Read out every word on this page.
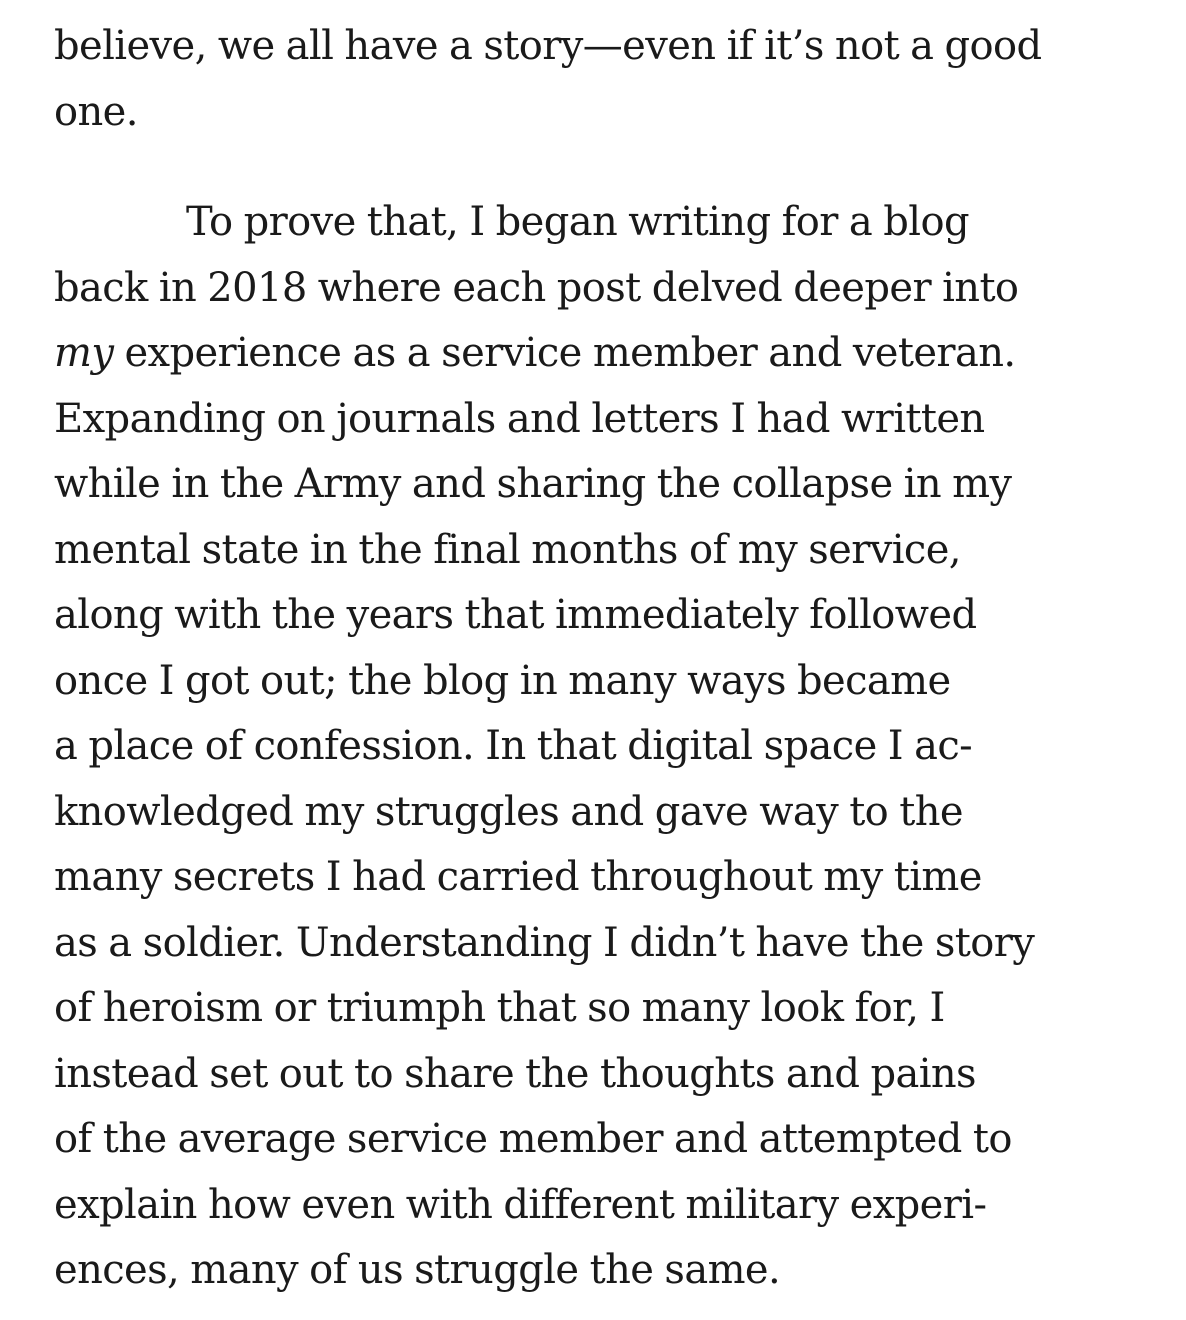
believe, we all have a story—even if it’s not a good
one.
To prove that, I began writing for a blog
back in 2018 where each post delved deeper into
my experience as a service member and veteran.
Expanding on journals and letters I had written
while in the Army and sharing the collapse in my
mental state in the final months of my service,
along with the years that immediately followed
once I got out; the blog in many ways became
a place of confession. In that digital space I ac-
knowledged my struggles and gave way to the
many secrets I had carried throughout my time
as a soldier. Understanding I didn’t have the story
of heroism or triumph that so many look for, I
instead set out to share the thoughts and pains
of the average service member and attempted to
explain how even with different military experi-
ences, many of us struggle the same.
